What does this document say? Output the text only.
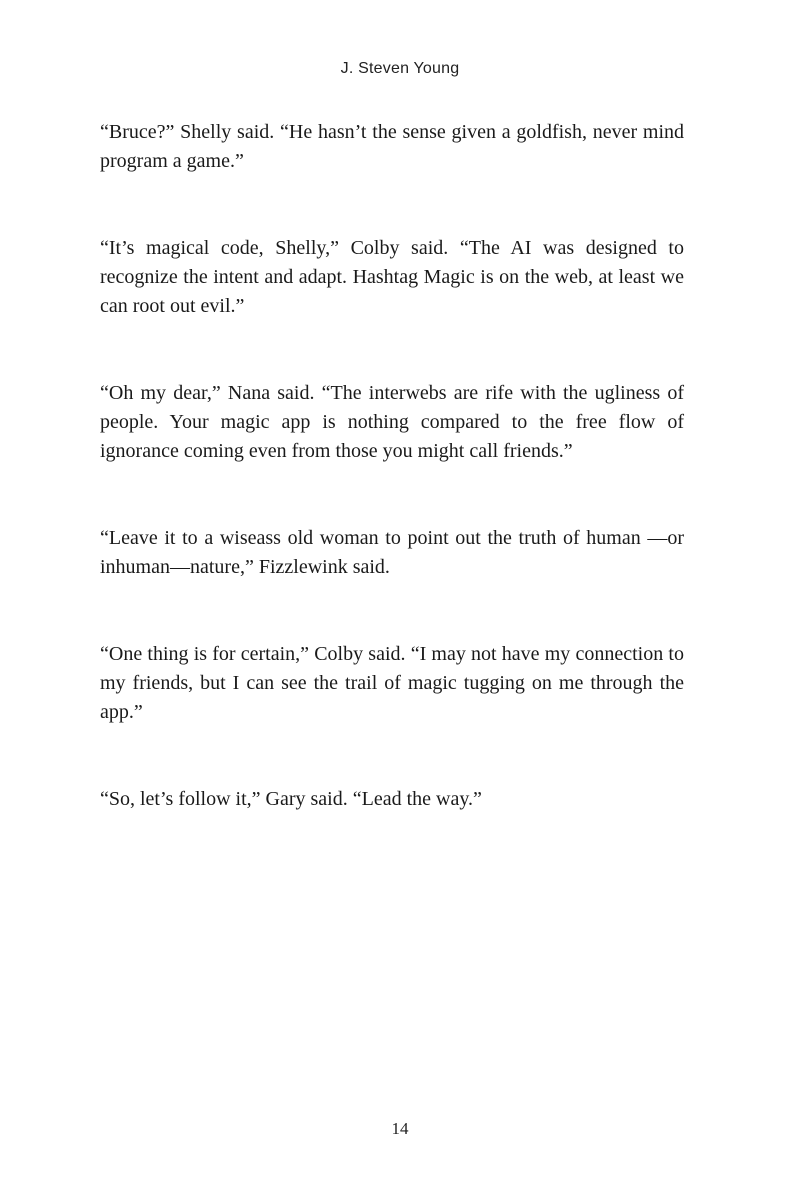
J. Steven Young

“Bruce?” Shelly said. “He hasn’t the sense given a goldfish, never mind program a game.”

“It’s magical code, Shelly,” Colby said. “The AI was designed to recognize the intent and adapt. Hashtag Magic is on the web, at least we can root out evil.”

“Oh my dear,” Nana said. “The interwebs are rife with the ugliness of people. Your magic app is nothing compared to the free flow of ignorance coming even from those you might call friends.”

“Leave it to a wiseass old woman to point out the truth of human —or inhuman—nature,” Fizzlewink said.

“One thing is for certain,” Colby said. “I may not have my connection to my friends, but I can see the trail of magic tugging on me through the app.”

“So, let’s follow it,” Gary said. “Lead the way.”

14
